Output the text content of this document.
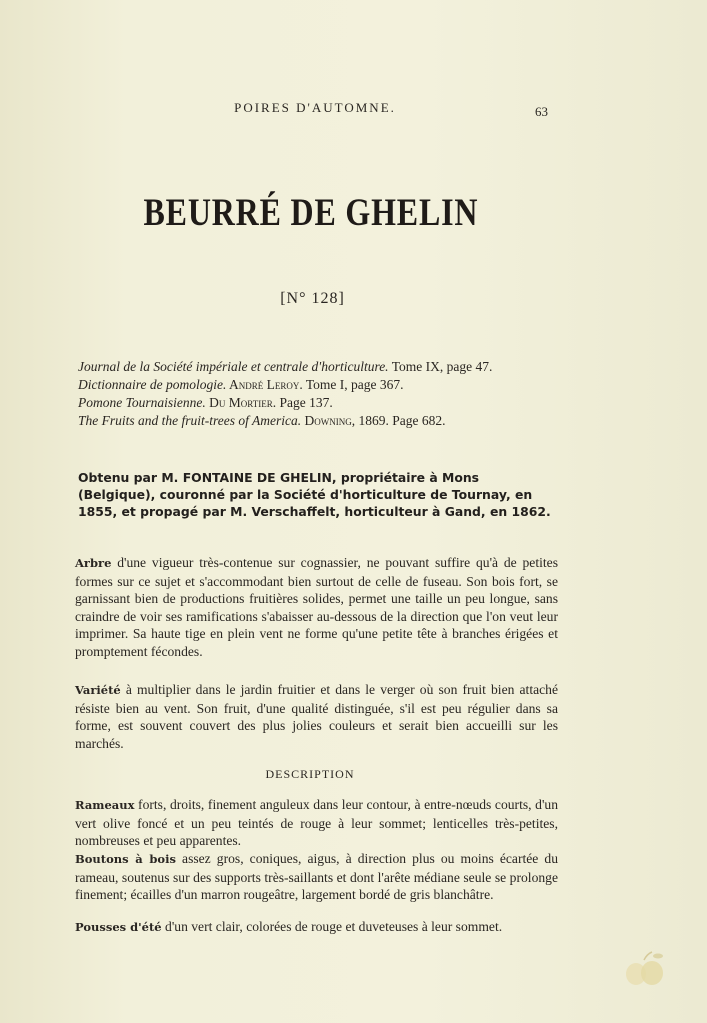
POIRES D'AUTOMNE.	63
BEURRÉ DE GHELIN
[N° 128]
Journal de la Société impériale et centrale d'horticulture. Tome IX, page 47.
Dictionnaire de pomologie. André Leroy. Tome I, page 367.
Pomone Tournaisienne. Du Mortier. Page 137.
The Fruits and the fruit-trees of America. Downing, 1869. Page 682.
Obtenu par M. FONTAINE DE GHELIN, propriétaire à Mons (Belgique), couronné par la Société d'horticulture de Tournay, en 1855, et propagé par M. Verschaffelt, horticulteur à Gand, en 1862.
Arbre d'une vigueur très-contenue sur cognassier, ne pouvant suffire qu'à de petites formes sur ce sujet et s'accommodant bien surtout de celle de fuseau. Son bois fort, se garnissant bien de productions fruitières solides, permet une taille un peu longue, sans craindre de voir ses ramifications s'abaisser au-dessous de la direction que l'on veut leur imprimer. Sa haute tige en plein vent ne forme qu'une petite tête à branches érigées et promptement fécondes.
Variété à multiplier dans le jardin fruitier et dans le verger où son fruit bien attaché résiste bien au vent. Son fruit, d'une qualité distinguée, s'il est peu régulier dans sa forme, est souvent couvert des plus jolies couleurs et serait bien accueilli sur les marchés.
DESCRIPTION
Rameaux forts, droits, finement anguleux dans leur contour, à entre-nœuds courts, d'un vert olive foncé et un peu teintés de rouge à leur sommet; lenticelles très-petites, nombreuses et peu apparentes.
Boutons à bois assez gros, coniques, aigus, à direction plus ou moins écartée du rameau, soutenus sur des supports très-saillants et dont l'arête médiane seule se prolonge finement; écailles d'un marron rougeâtre, largement bordé de gris blanchâtre.
Pousses d'été d'un vert clair, colorées de rouge et duveteuses à leur sommet.
